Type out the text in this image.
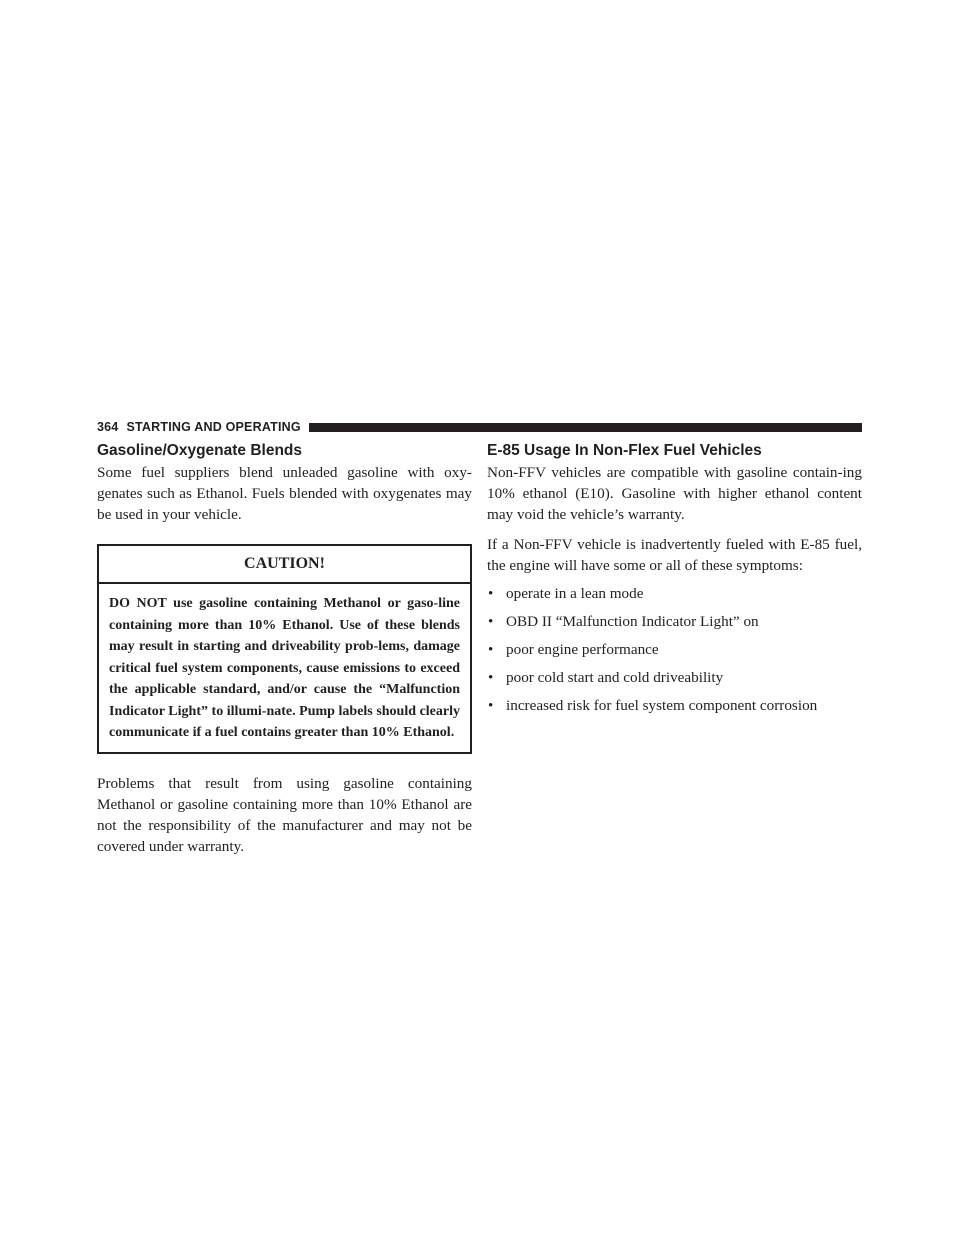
364 STARTING AND OPERATING
Gasoline/Oxygenate Blends

Some fuel suppliers blend unleaded gasoline with oxy-genates such as Ethanol. Fuels blended with oxygenates may be used in your vehicle.

CAUTION!
DO NOT use gasoline containing Methanol or gaso-line containing more than 10% Ethanol. Use of these blends may result in starting and driveability prob-lems, damage critical fuel system components, cause emissions to exceed the applicable standard, and/or cause the “Malfunction Indicator Light” to illumi-nate. Pump labels should clearly communicate if a fuel contains greater than 10% Ethanol.

Problems that result from using gasoline containing Methanol or gasoline containing more than 10% Ethanol are not the responsibility of the manufacturer and may not be covered under warranty.

E-85 Usage In Non-Flex Fuel Vehicles

Non-FFV vehicles are compatible with gasoline contain-ing 10% ethanol (E10). Gasoline with higher ethanol content may void the vehicle’s warranty.

If a Non-FFV vehicle is inadvertently fueled with E-85 fuel, the engine will have some or all of these symptoms:

• operate in a lean mode
• OBD II “Malfunction Indicator Light” on
• poor engine performance
• poor cold start and cold driveability
• increased risk for fuel system component corrosion
